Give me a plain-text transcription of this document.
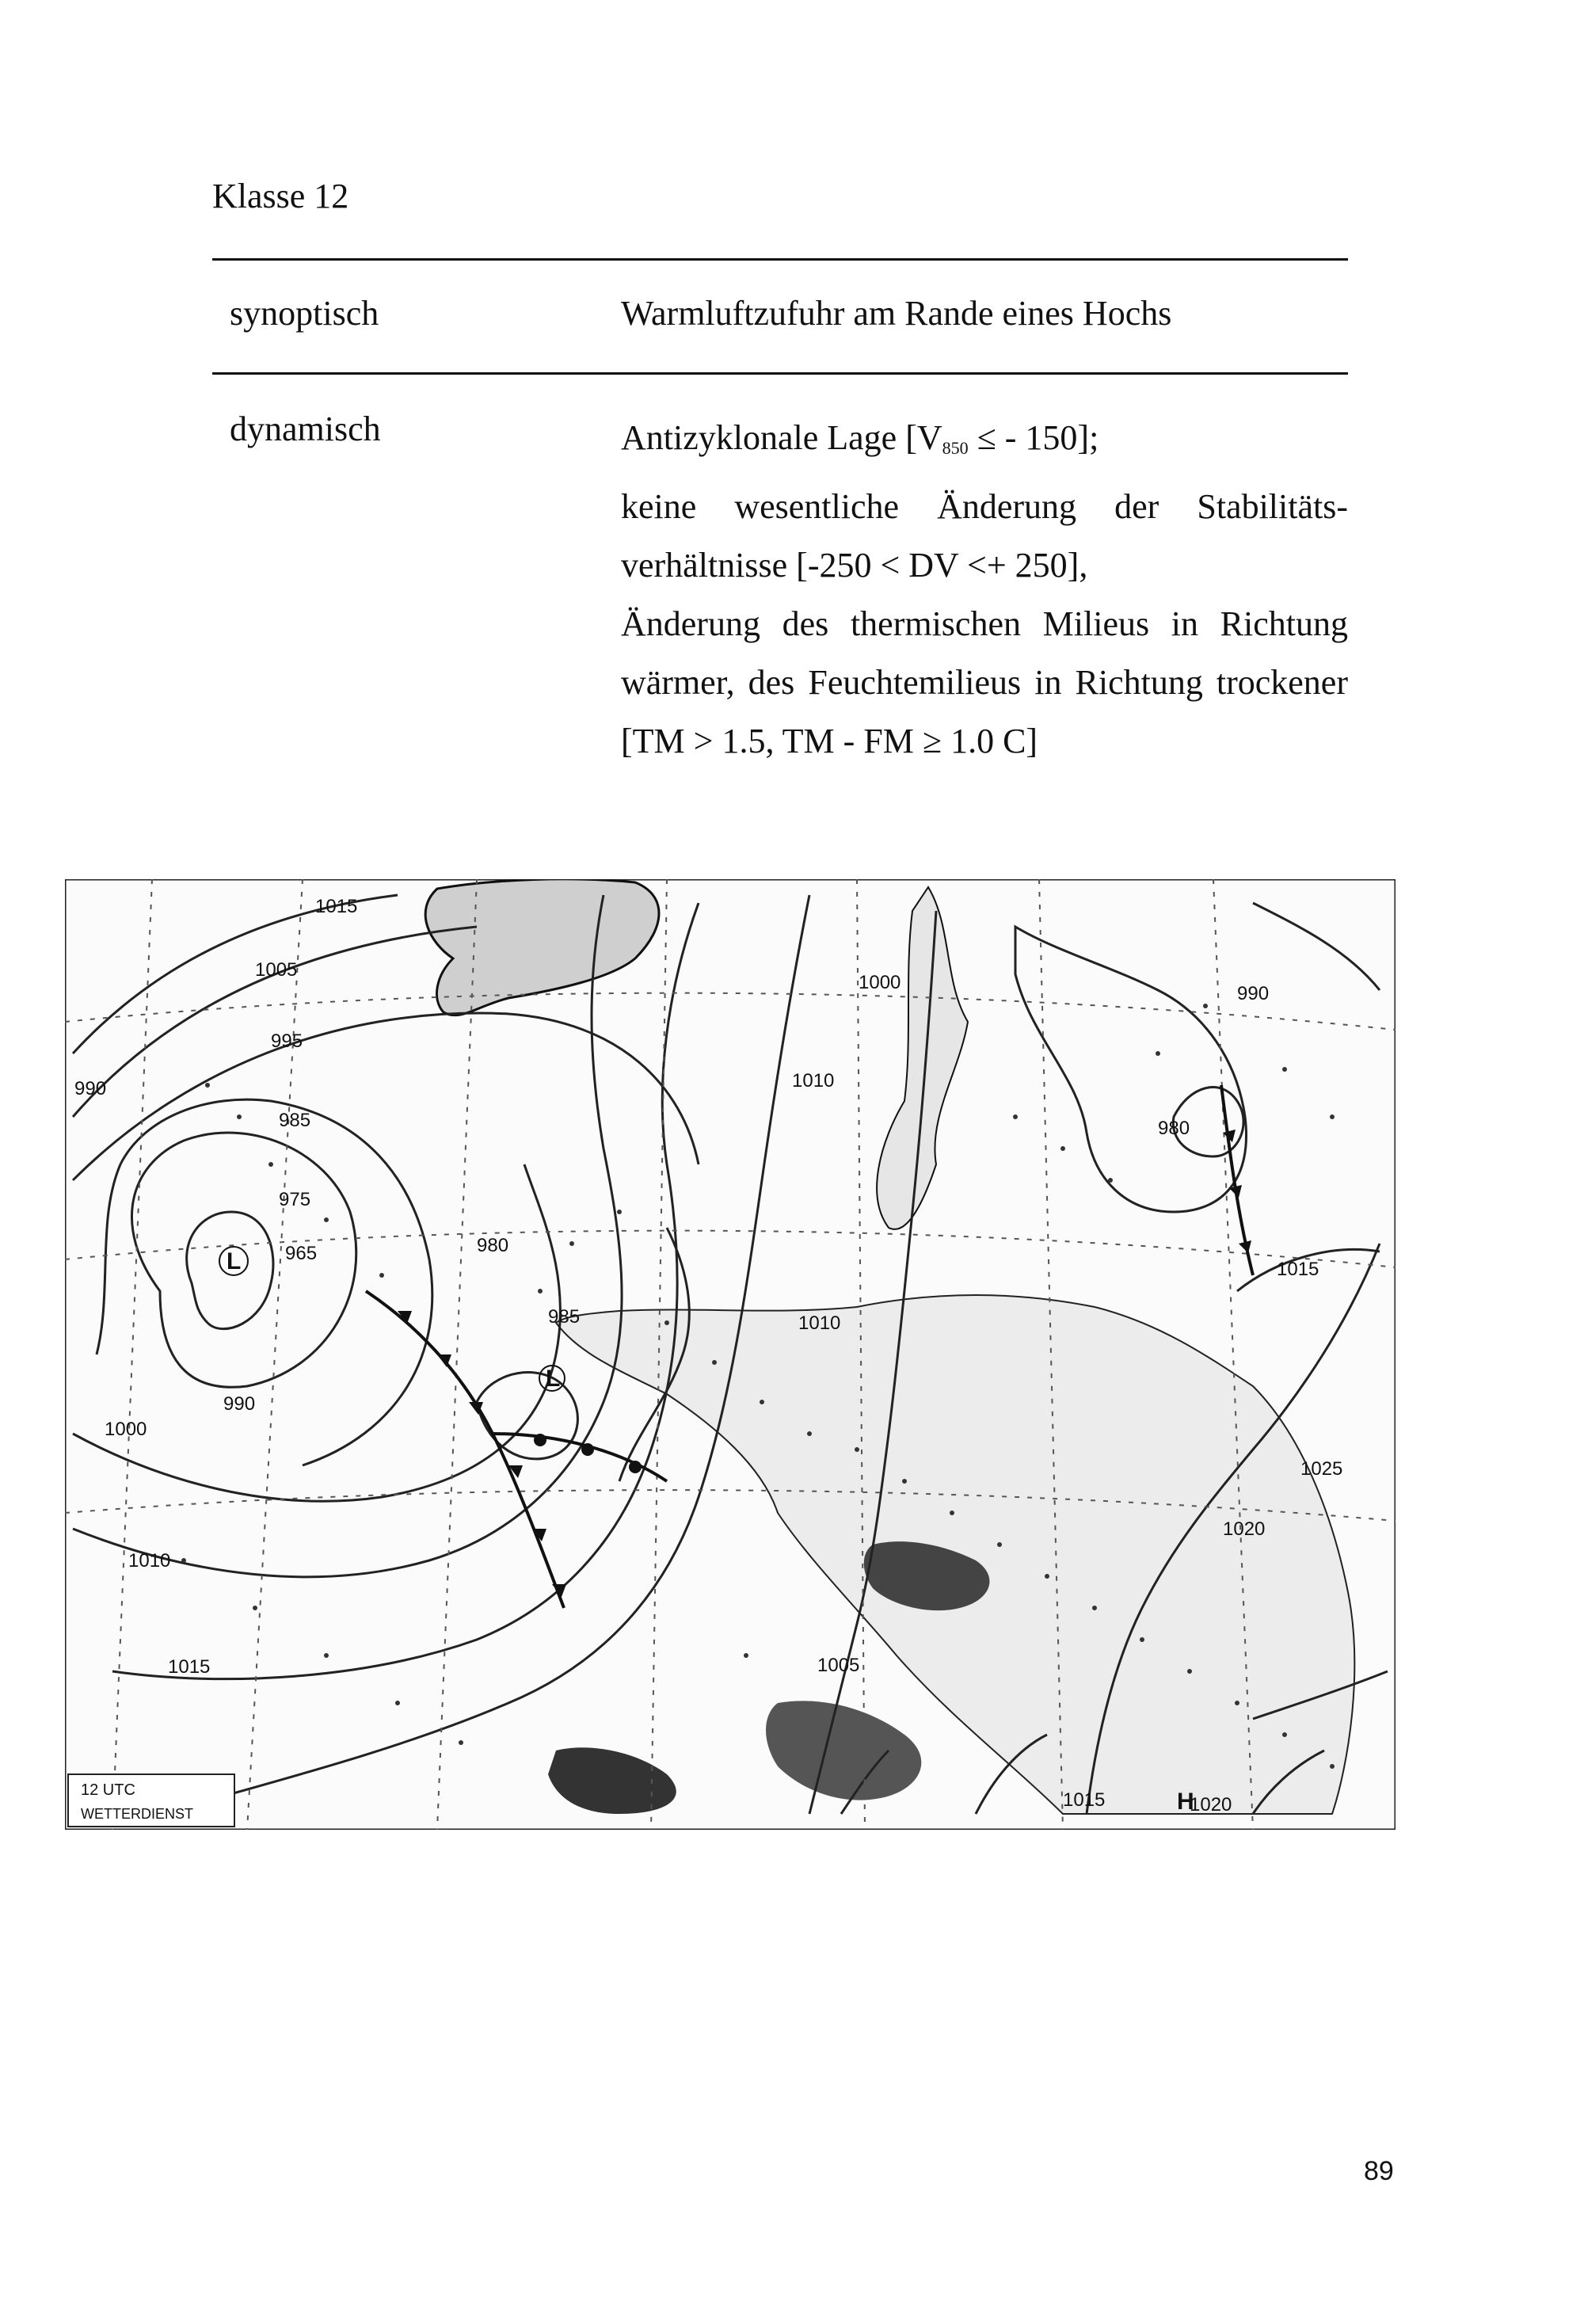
Klasse 12
synoptisch	Warmluftzufuhr am Rande eines Hochs
dynamisch	Antizyklonale Lage [$V_{850}$ ≤ - 150];
keine wesentliche Änderung der Stabilitäts-
verhältnisse [-250 < DV <+ 250],
Änderung des thermischen Milieus in Richtung
wärmer, des Feuchtemilieus in Richtung trockener
[TM > 1.5, TM - FM ≥ 1.0 C]
1015
1005
995
990
985
975
965	980
1000
1010
1015	1005
1010
985
990
1000
1010
1015
1025
1020
1015	1020
980
990
L
L
H
12 UTC
WETTERDIENST
89
